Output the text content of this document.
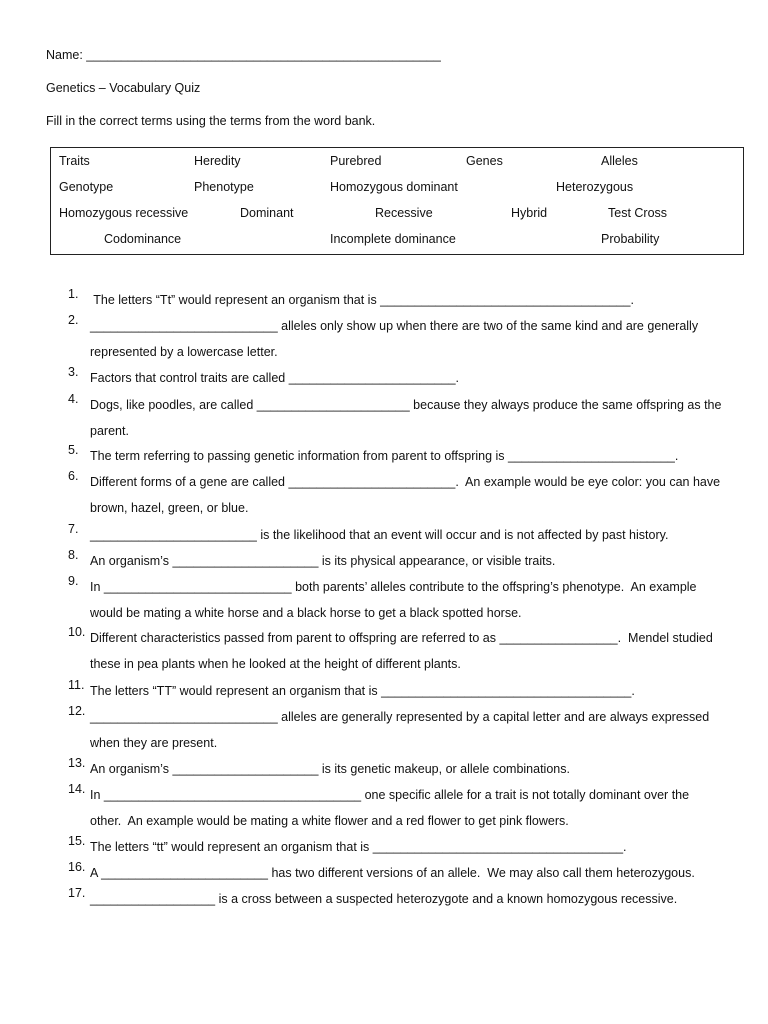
Name: ___________________________________________________
Genetics – Vocabulary Quiz
Fill in the correct terms using the terms from the word bank.
Traits	Heredity	Purebred	Genes	Alleles
Genotype	Phenotype	Homozygous dominant	Heterozygous
Homozygous recessive	Dominant	Recessive	Hybrid	Test Cross
Codominance	Incomplete dominance	Probability
1. The letters “Tt” would represent an organism that is ____________________________________.
2. ___________________________ alleles only show up when there are two of the same kind and are generally
represented by a lowercase letter.
3. Factors that control traits are called ________________________.
4. Dogs, like poodles, are called ______________________ because they always produce the same offspring as the
parent.
5. The term referring to passing genetic information from parent to offspring is ________________________.
6. Different forms of a gene are called ________________________.  An example would be eye color: you can have
brown, hazel, green, or blue.
7. ________________________ is the likelihood that an event will occur and is not affected by past history.
8. An organism’s _____________________ is its physical appearance, or visible traits.
9. In ___________________________ both parents’ alleles contribute to the offspring’s phenotype.  An example
would be mating a white horse and a black horse to get a black spotted horse.
10. Different characteristics passed from parent to offspring are referred to as _________________.  Mendel studied
these in pea plants when he looked at the height of different plants.
11. The letters “TT” would represent an organism that is ____________________________________.
12. ___________________________ alleles are generally represented by a capital letter and are always expressed
when they are present.
13. An organism’s _____________________ is its genetic makeup, or allele combinations.
14. In _____________________________________ one specific allele for a trait is not totally dominant over the
other.  An example would be mating a white flower and a red flower to get pink flowers.
15. The letters “tt” would represent an organism that is ____________________________________.
16. A ________________________ has two different versions of an allele.  We may also call them heterozygous.
17. __________________ is a cross between a suspected heterozygote and a known homozygous recessive.
